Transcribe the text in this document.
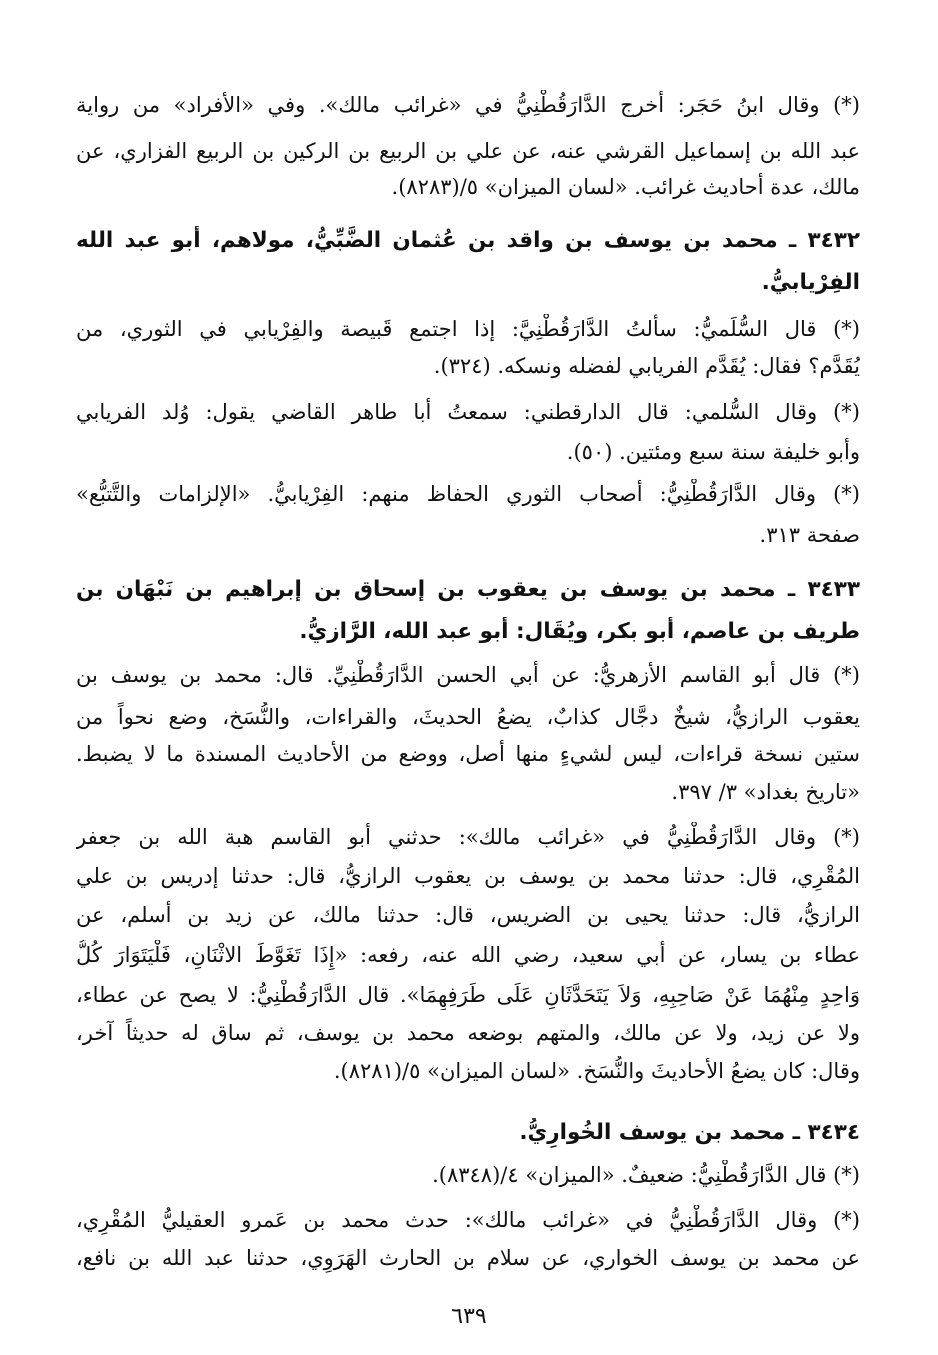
(*) وقال ابنُ حَجَر: أخرج الدَّارَقُطْنِيُّ في «غرائب مالك». وفي «الأفراد» من رواية
عبد الله بن إسماعيل القرشي عنه، عن علي بن الربيع بن الركين بن الربيع الفزاري، عن
مالك، عدة أحاديث غرائب. «لسان الميزان» ٥/(٨٢٨٣).
٣٤٣٢ ـ محمد بن يوسف بن واقد بن عُثمان الضَّبِّيُّ، مولاهم، أبو عبد الله
الفِرْيابيُّ.
(*) قال السُّلَميُّ: سألتُ الدَّارَقُطْنِيَّ: إذا اجتمع قَبيصة والفِرْيابي في الثوري، من
يُقَدَّم؟ فقال: يُقَدَّم الفريابي لفضله ونسكه. (٣٢٤).
(*) وقال السُّلمي: قال الدارقطني: سمعتُ أبا طاهر القاضي يقول: وُلد الفريابي
وأبو خليفة سنة سبع ومئتين. (٥٠).
(*) وقال الدَّارَقُطْنِيُّ: أصحاب الثوري الحفاظ منهم: الفِرْيابيُّ. «الإلزامات والتَّتبُّع»
صفحة ٣١٣.
٣٤٣٣ ـ محمد بن يوسف بن يعقوب بن إسحاق بن إبراهيم بن نَبْهَان بن
طريف بن عاصم، أبو بكر، ويُقَال: أبو عبد الله، الرَّازيُّ.
(*) قال أبو القاسم الأزهريُّ: عن أبي الحسن الدَّارَقُطْنِيِّ. قال: محمد بن يوسف بن
يعقوب الرازيُّ، شيخٌ دجَّال كذابٌ، يضعُ الحديثَ، والقراءات، والنُّسَخ، وضع نحواً من
ستين نسخة قراءات، ليس لشيءٍ منها أصل، ووضع من الأحاديث المسندة ما لا يضبط.
«تاريخ بغداد» ٣/ ٣٩٧.
(*) وقال الدَّارَقُطْنِيُّ في «غرائب مالك»: حدثني أبو القاسم هبة الله بن جعفر
المُقْرِي، قال: حدثنا محمد بن يوسف بن يعقوب الرازيُّ، قال: حدثنا إدريس بن علي
الرازيُّ، قال: حدثنا يحيى بن الضريس، قال: حدثنا مالك، عن زيد بن أسلم، عن
عطاء بن يسار، عن أبي سعيد، رضي الله عنه، رفعه: «إِذَا تَغَوَّطَ الاثْنَانِ، فَلْيَتَوَارَ كُلُّ
وَاحِدٍ مِنْهُمَا عَنْ صَاحِبِهِ، وَلاَ يَتَحَدَّثَانِ عَلَى طَرَفِهِمَا». قال الدَّارَقُطْنِيُّ: لا يصح عن عطاء،
ولا عن زيد، ولا عن مالك، والمتهم بوضعه محمد بن يوسف، ثم ساق له حديثاً آخر،
وقال: كان يضعُ الأحاديثَ والنُّسَخ. «لسان الميزان» ٥/(٨٢٨١).
٣٤٣٤ ـ محمد بن يوسف الخُوارِيُّ.
(*) قال الدَّارَقُطْنِيُّ: ضعيفٌ. «الميزان» ٤/(٨٣٤٨).
(*) وقال الدَّارَقُطْنِيُّ في «غرائب مالك»: حدث محمد بن عَمرو العقيليُّ المُقْرِي،
عن محمد بن يوسف الخواري، عن سلام بن الحارث الهَرَوِي، حدثنا عبد الله بن نافع،
٦٣٩
